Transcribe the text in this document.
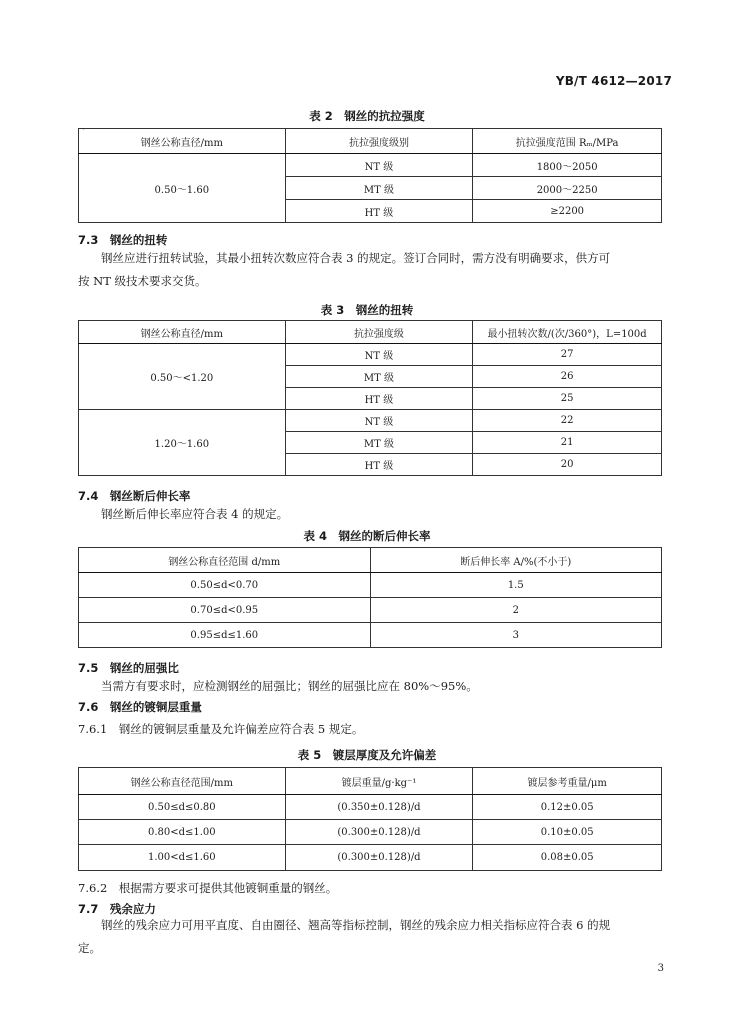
YB/T 4612—2017
表 2　钢丝的抗拉强度
·
钢丝公称直径/mm	抗拉强度级别	抗拉强度范围 Rₘ/MPa
0.50～1.60	NT 级	1800～2050
	MT 级	2000～2250
	HT 级	≥2200
7.3　钢丝的扭转
钢丝应进行扭转试验，其最小扭转次数应符合表 3 的规定。签订合同时，需方没有明确要求，供方可
按 NT 级技术要求交货。
表 3　钢丝的扭转
钢丝公称直径/mm	抗拉强度级	最小扭转次数/(次/360°)，L=100d
0.50～<1.20	NT 级	27
	MT 级	26
	HT 级	25
1.20～1.60	NT 级	22
	MT 级	21
	HT 级	20
7.4　钢丝断后伸长率
钢丝断后伸长率应符合表 4 的规定。
表 4　钢丝的断后伸长率
钢丝公称直径范围 d/mm	断后伸长率 A/%(不小于)
0.50≤d<0.70	1.5
0.70≤d<0.95	2
0.95≤d≤1.60	3
7.5　钢丝的屈强比
当需方有要求时，应检测钢丝的屈强比；钢丝的屈强比应在 80%～95%。
7.6　钢丝的镀铜层重量
7.6.1　钢丝的镀铜层重量及允许偏差应符合表 5 规定。
表 5　镀层厚度及允许偏差
钢丝公称直径范围/mm	镀层重量/g·kg⁻¹	镀层参考重量/μm
0.50≤d≤0.80	(0.350±0.128)/d	0.12±0.05
0.80<d≤1.00	(0.300±0.128)/d	0.10±0.05
1.00<d≤1.60	(0.300±0.128)/d	0.08±0.05
7.6.2　根据需方要求可提供其他镀铜重量的钢丝。
7.7　残余应力
钢丝的残余应力可用平直度、自由圈径、翘高等指标控制，钢丝的残余应力相关指标应符合表 6 的规
定。
3
